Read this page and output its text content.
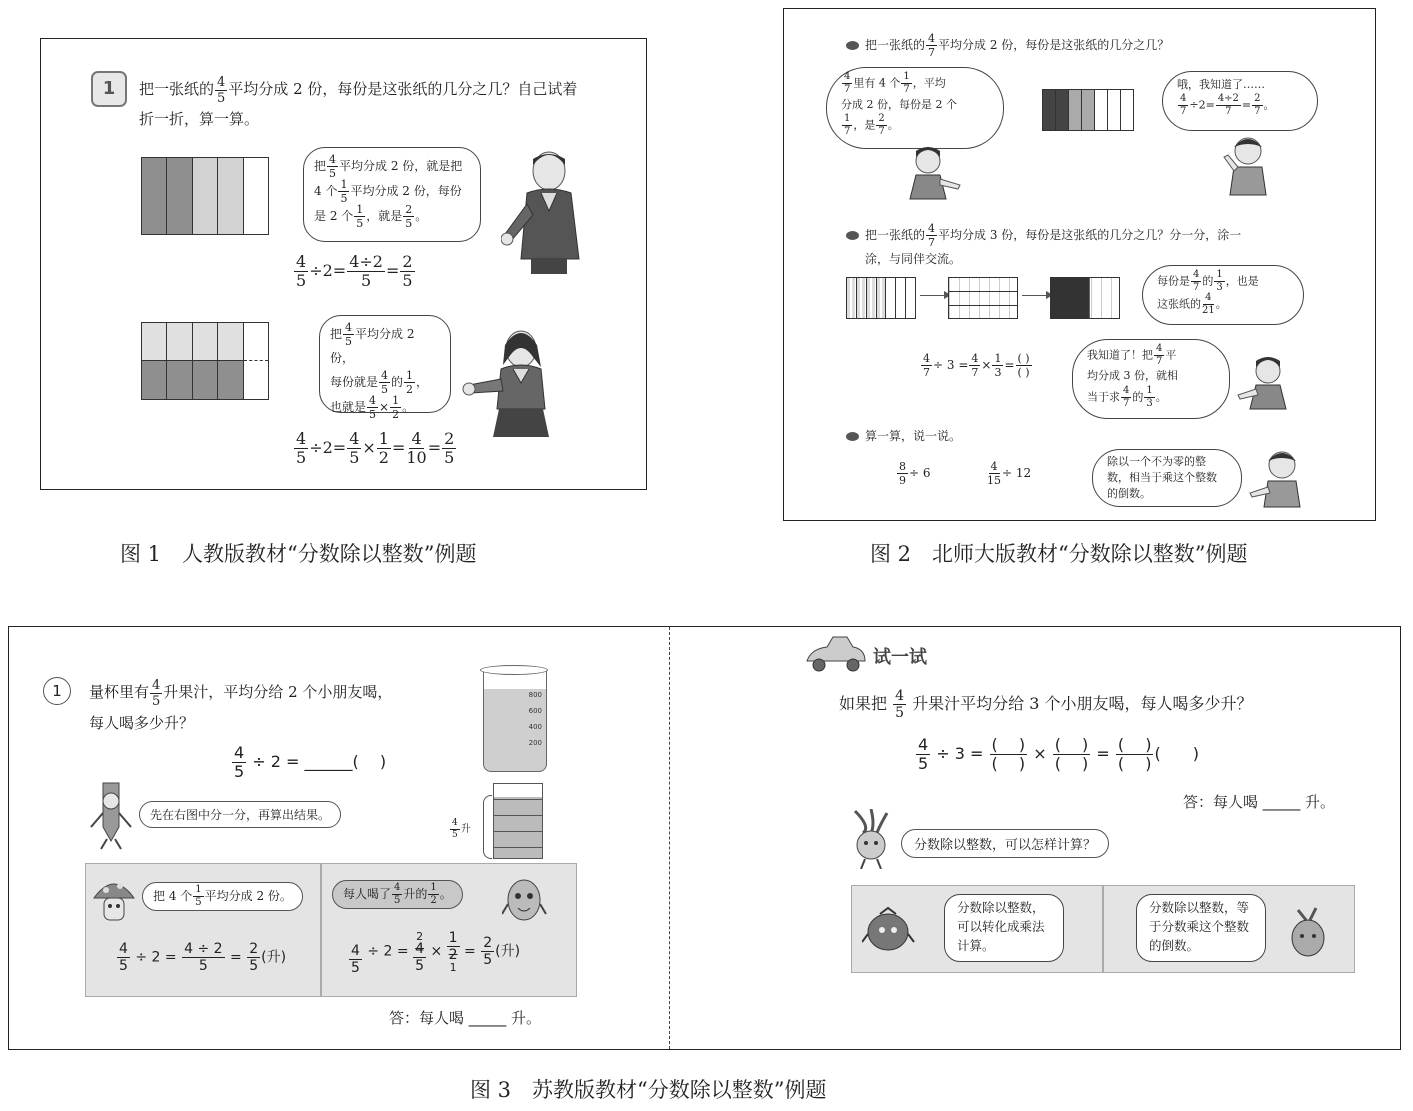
1	把一张纸的 $\frac{4}{5}$ 平均分成 2 份，每份是这张纸的几分之几？自己试着
折一折，算一算。
把 $\frac{4}{5}$ 平均分成 2 份，就是把
4 个 $\frac{1}{5}$ 平均分成 2 份，每份
是 2 个 $\frac{1}{5}$ ，就是 $\frac{2}{5}$ 。
$\frac{4}{5} \div 2= \frac{4\div 2}{5} = \frac{2}{5}$
把 $\frac{4}{5}$ 平均分成 2 份，
每份就是 $\frac{4}{5}$ 的 $\frac{1}{2}$ ，
也就是 $\frac{4}{5} \times \frac{1}{2}$ 。
$\frac{4}{5} \div 2= \frac{4}{5} \times \frac{1}{2} = \frac{4}{10} = \frac{2}{5}$
图 1　人教版教材“分数除以整数”例题
把一张纸的 $\frac{4}{7}$ 平均分成 2 份，每份是这张纸的几分之几？
$\frac{4}{7}$ 里有 4 个 $\frac{1}{7}$ ，平均
分成 2 份，每份是 2 个

$\frac{1}{7}$ ，是 $\frac{2}{7}$ 。
哦，我知道了……

$\frac{4}{7} \div 2= \frac{4\div 2}{7} = \frac{2}{7}$ 。
把一张纸的 $\frac{4}{7}$ 平均分成 3 份，每份是这张纸的几分之几？分一分，涂一
涂，与同伴交流。
每份是 $\frac{4}{7}$ 的 $\frac{1}{3}$ ，也是
这张纸的 $\frac{4}{21}$ 。
$\frac{4}{7} \div 3 = \frac{4}{7} \times \frac{1}{3} = \frac{( )}{( )}$	我知道了！把 $\frac{4}{7}$ 平
均分成 3 份，就相
当于求 $\frac{4}{7}$ 的 $\frac{1}{3}$ 。
算一算，说一说。
$\frac{8}{9} \div 6$	$\frac{4}{15} \div 12$
除以一个不为零的整数，相当于乘这个整数的倒数。
图 2　北师大版教材“分数除以整数”例题
1	量杯里有 $\frac{4}{5}$ 升果汁，平均分给 2 个小朋友喝，
每人喝多少升？
$\frac{4}{5} \div 2$ = ______(　 )
800
600
400
200
先在右图中分一分，再算出结果。
$\frac{4}{5}$ 升
把 4 个 $\frac{1}{5}$ 平均分成 2 份。
$\frac{4}{5} \div 2 = \frac{4 \div 2}{5} = \frac{2}{5}$ (升)
每人喝了 $\frac{4}{5}$ 升的 $\frac{1}{2}$ 。
$\frac{4}{5} \div 2$ =
2
$\frac{4}{5} \times \frac{1}{2}$
1
= $\frac{2}{5}$ (升)
答：每人喝 _____ 升。
试一试
如果把 $\frac{4}{5}$ 升果汁平均分给 3 个小朋友喝，每人喝多少升？
$\frac{4}{5} \div 3 = \frac{( )}{( )} \times \frac{( )}{( )} = \frac{( )}{( )}$ (　　)
答：每人喝 _____ 升。
分数除以整数，可以怎样计算？
分数除以整数，可以转化成乘法计算。
分数除以整数，等于分数乘这个整数的倒数。
图 3　苏教版教材“分数除以整数”例题
